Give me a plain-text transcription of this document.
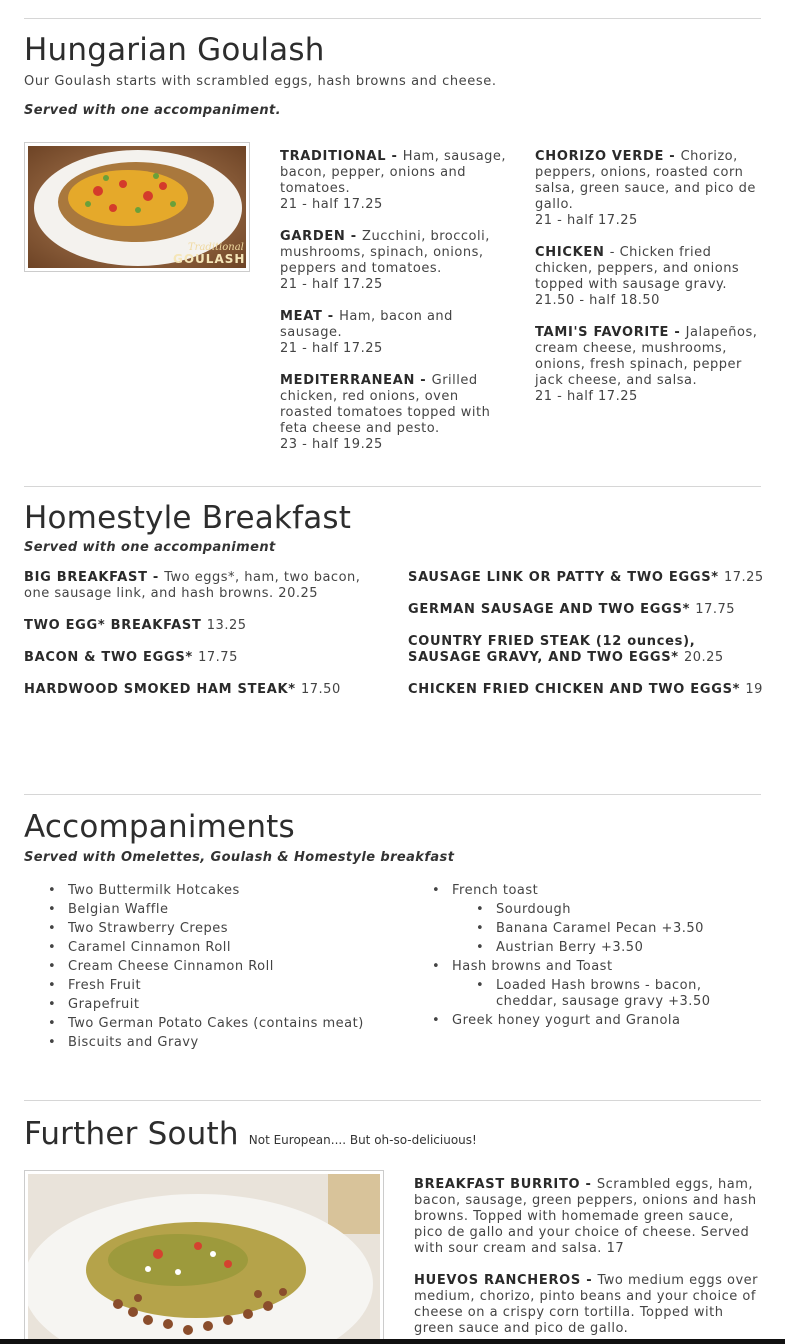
Hungarian Goulash
Our Goulash starts with scrambled eggs, hash browns and cheese.
Served with one accompaniment.
Traditional
GOULASH
TRADITIONAL - Ham, sausage, bacon, pepper, onions and tomatoes.
21 - half 17.25
GARDEN - Zucchini, broccoli, mushrooms, spinach, onions, peppers and tomatoes.
21 - half 17.25
MEAT - Ham, bacon and sausage.
21 - half 17.25
MEDITERRANEAN - Grilled chicken, red onions, oven roasted tomatoes topped with feta cheese and pesto.
23 - half 19.25
CHORIZO VERDE - Chorizo, peppers, onions, roasted corn salsa, green sauce, and pico de gallo.
21 - half 17.25
CHICKEN - Chicken fried chicken, peppers, and onions topped with sausage gravy.
21.50 - half 18.50
TAMI'S FAVORITE - Jalapeños, cream cheese, mushrooms, onions, fresh spinach, pepper jack cheese, and salsa.
21 - half 17.25
Homestyle Breakfast
Served with one accompaniment
BIG BREAKFAST - Two eggs*, ham, two bacon, one sausage link, and hash browns. 20.25
TWO EGG* BREAKFAST 13.25
BACON & TWO EGGS* 17.75
HARDWOOD SMOKED HAM STEAK* 17.50
SAUSAGE LINK OR PATTY & TWO EGGS* 17.25
GERMAN SAUSAGE AND TWO EGGS* 17.75
COUNTRY FRIED STEAK (12 ounces), SAUSAGE GRAVY, AND TWO EGGS* 20.25
CHICKEN FRIED CHICKEN AND TWO EGGS* 19
Accompaniments
Served with Omelettes, Goulash & Homestyle breakfast
• Two Buttermilk Hotcakes
• Belgian Waffle
• Two Strawberry Crepes
• Caramel Cinnamon Roll
• Cream Cheese Cinnamon Roll
• Fresh Fruit
• Grapefruit
• Two German Potato Cakes (contains meat)
• Biscuits and Gravy
• French toast
• Sourdough
• Banana Caramel Pecan +3.50
• Austrian Berry +3.50
• Hash browns and Toast
• Loaded Hash browns - bacon, cheddar, sausage gravy +3.50
• Greek honey yogurt and Granola
Further South Not European.... But oh-so-deliciuous!
BREAKFAST BURRITO - Scrambled eggs, ham, bacon, sausage, green peppers, onions and hash browns. Topped with homemade green sauce, pico de gallo and your choice of cheese. Served with sour cream and salsa. 17
HUEVOS RANCHEROS - Two medium eggs over medium, chorizo, pinto beans and your choice of cheese on a crispy corn tortilla. Topped with green sauce and pico de gallo.
